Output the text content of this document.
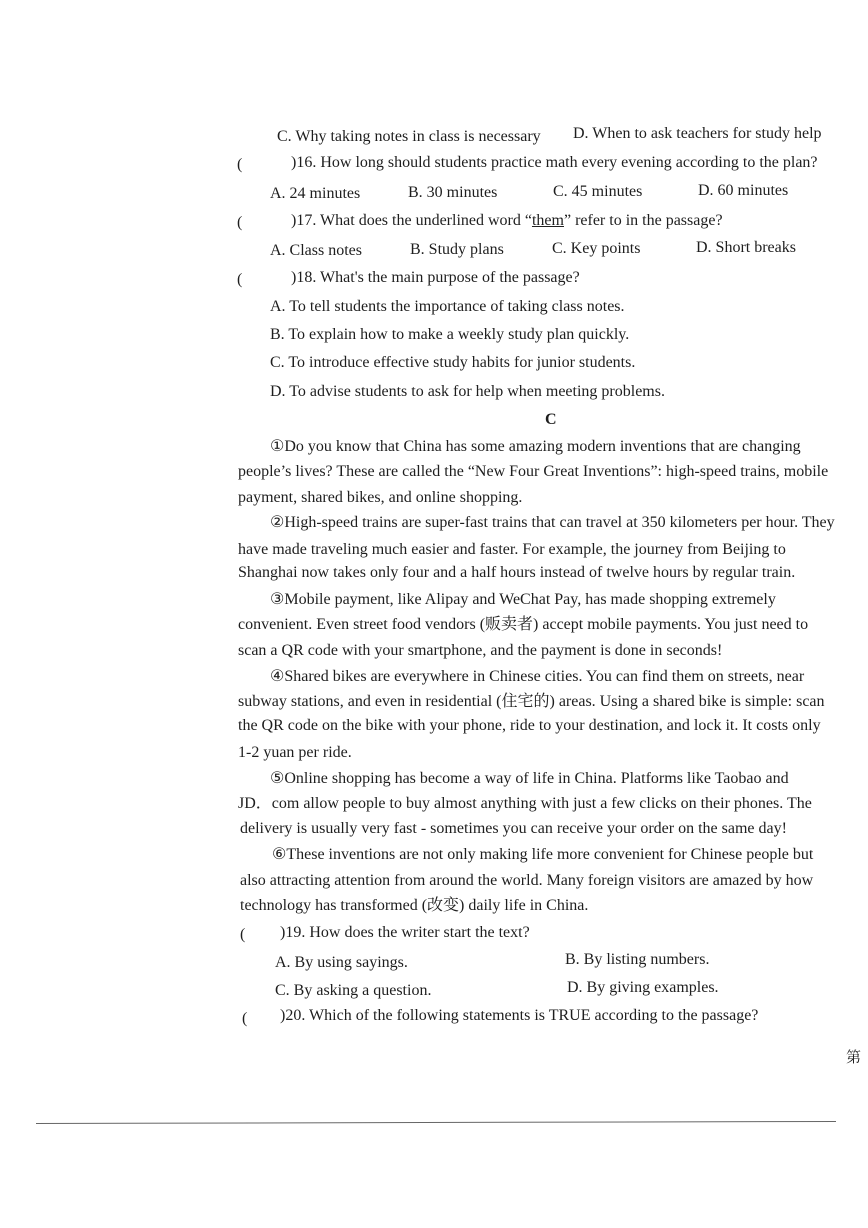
C. Why taking notes in class is necessary D. When to ask teachers for study help
(	)16. How long should students practice math every evening according to the plan?
A. 24 minutes	B. 30 minutes	C. 45 minutes	D. 60 minutes
(	)17. What does the underlined word “them” refer to in the passage?
A. Class notes	B. Study plans	C. Key points	D. Short breaks
(	)18. What's the main purpose of the passage?
A. To tell students the importance of taking class notes.
B. To explain how to make a weekly study plan quickly.
C. To introduce effective study habits for junior students.
D. To advise students to ask for help when meeting problems.
C
①Do you know that China has some amazing modern inventions that are changing
people’s lives? These are called the “New Four Great Inventions”: high-speed trains, mobile
payment, shared bikes, and online shopping.
②High-speed trains are super-fast trains that can travel at 350 kilometers per hour. They
have made traveling much easier and faster. For example, the journey from Beijing to
Shanghai now takes only four and a half hours instead of twelve hours by regular train.
③Mobile payment, like Alipay and WeChat Pay, has made shopping extremely
convenient. Even street food vendors (贩卖者) accept mobile payments. You just need to
scan a QR code with your smartphone, and the payment is done in seconds!
④Shared bikes are everywhere in Chinese cities. You can find them on streets, near
subway stations, and even in residential (住宅的) areas. Using a shared bike is simple: scan
the QR code on the bike with your phone, ride to your destination, and lock it. It costs only
1-2 yuan per ride.
⑤Online shopping has become a way of life in China. Platforms like Taobao and
JD．com allow people to buy almost anything with just a few clicks on their phones. The
delivery is usually very fast - sometimes you can receive your order on the same day!
⑥These inventions are not only making life more convenient for Chinese people but
also attracting attention from around the world. Many foreign visitors are amazed by how
technology has transformed (改变) daily life in China.
( )19. How does the writer start the text?
A. By using sayings.	B. By listing numbers.
C. By asking a question.	D. By giving examples.
( )20. Which of the following statements is TRUE according to the passage?
第
